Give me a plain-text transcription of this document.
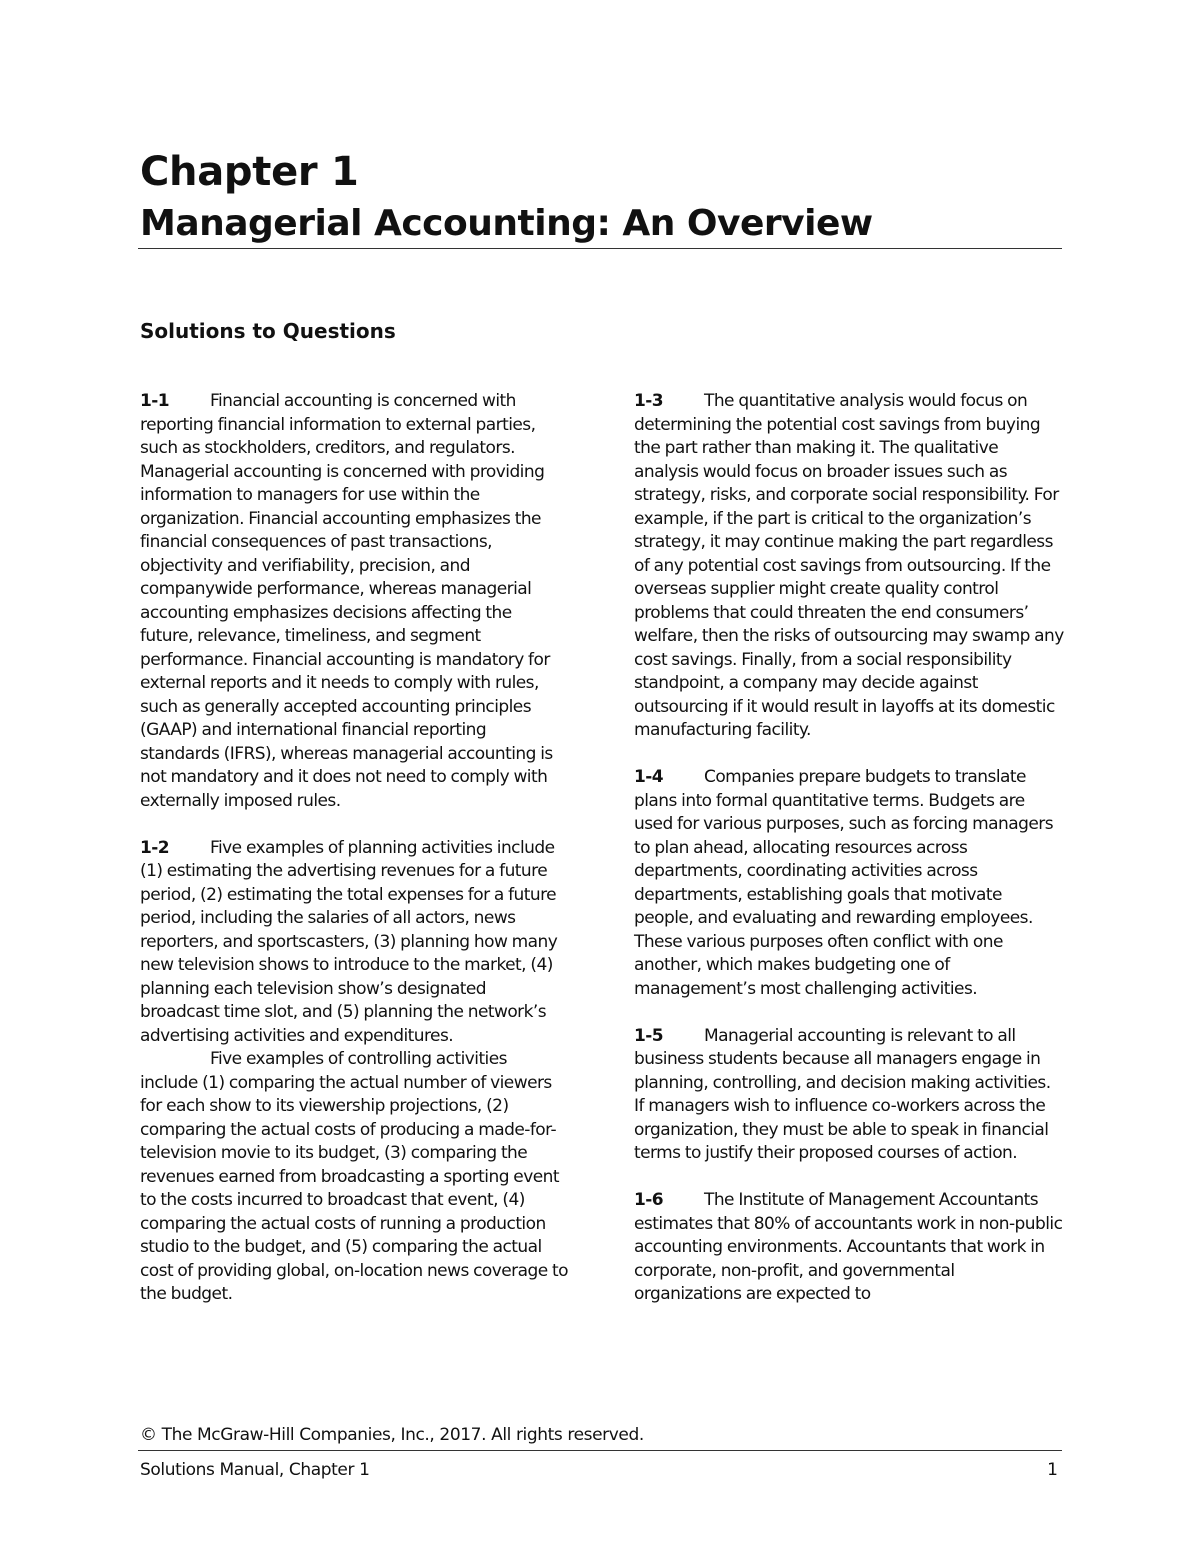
Chapter 1
Managerial Accounting: An Overview
Solutions to Questions

1-1 Financial accounting is concerned with reporting financial information to external parties, such as stockholders, creditors, and regulators. Managerial accounting is concerned with providing information to managers for use within the organization. Financial accounting emphasizes the financial consequences of past transactions, objectivity and verifiability, precision, and companywide performance, whereas managerial accounting emphasizes decisions affecting the future, relevance, timeliness, and segment performance. Financial accounting is mandatory for external reports and it needs to comply with rules, such as generally accepted accounting principles (GAAP) and international financial reporting standards (IFRS), whereas managerial accounting is not mandatory and it does not need to comply with externally imposed rules.

1-2 Five examples of planning activities include (1) estimating the advertising revenues for a future period, (2) estimating the total expenses for a future period, including the salaries of all actors, news reporters, and sportscasters, (3) planning how many new television shows to introduce to the market, (4) planning each television show’s designated broadcast time slot, and (5) planning the network’s advertising activities and expenditures.

Five examples of controlling activities include (1) comparing the actual number of viewers for each show to its viewership projections, (2) comparing the actual costs of producing a made-for-television movie to its budget, (3) comparing the revenues earned from broadcasting a sporting event to the costs incurred to broadcast that event, (4) comparing the actual costs of running a production studio to the budget, and (5) comparing the actual cost of providing global, on-location news coverage to the budget.

1-3 The quantitative analysis would focus on determining the potential cost savings from buying the part rather than making it. The qualitative analysis would focus on broader issues such as strategy, risks, and corporate social responsibility. For example, if the part is critical to the organization’s strategy, it may continue making the part regardless of any potential cost savings from outsourcing. If the overseas supplier might create quality control problems that could threaten the end consumers’ welfare, then the risks of outsourcing may swamp any cost savings. Finally, from a social responsibility standpoint, a company may decide against outsourcing if it would result in layoffs at its domestic manufacturing facility.

1-4 Companies prepare budgets to translate plans into formal quantitative terms. Budgets are used for various purposes, such as forcing managers to plan ahead, allocating resources across departments, coordinating activities across departments, establishing goals that motivate people, and evaluating and rewarding employees. These various purposes often conflict with one another, which makes budgeting one of management’s most challenging activities.

1-5 Managerial accounting is relevant to all business students because all managers engage in planning, controlling, and decision making activities. If managers wish to influence co-workers across the organization, they must be able to speak in financial terms to justify their proposed courses of action.

1-6 The Institute of Management Accountants estimates that 80% of accountants work in non-public accounting environments. Accountants that work in corporate, non-profit, and governmental organizations are expected to

© The McGraw-Hill Companies, Inc., 2017. All rights reserved.
Solutions Manual, Chapter 1	1
